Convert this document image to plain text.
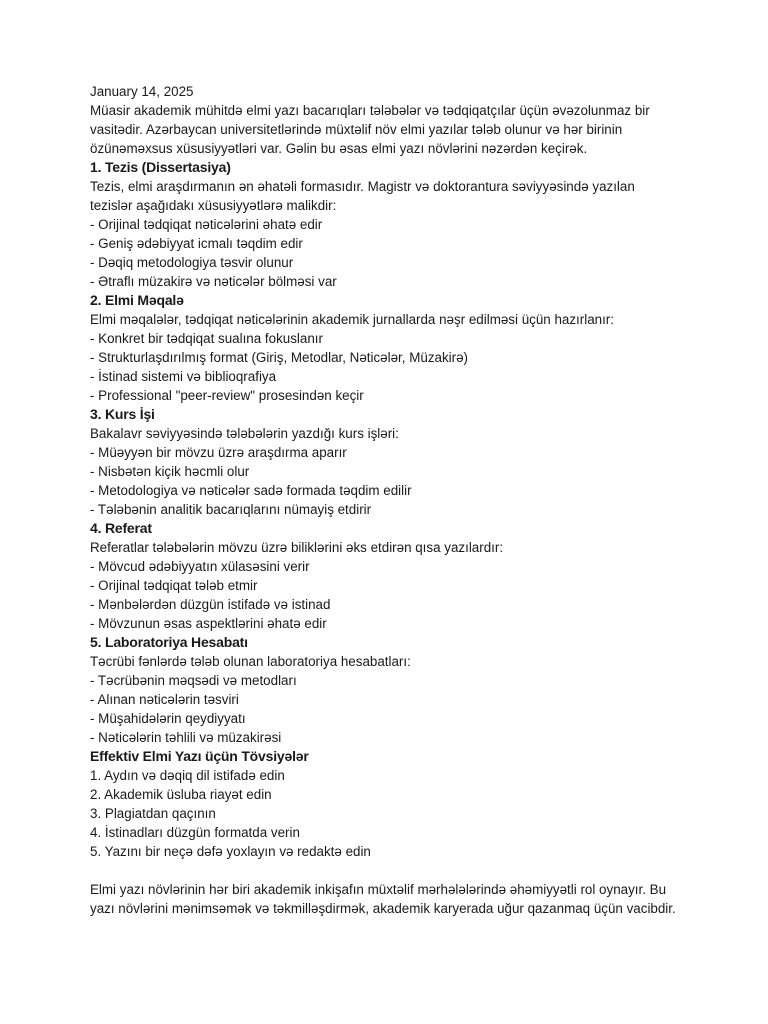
January 14, 2025

Müasir akademik mühitdə elmi yazı bacarıqları tələbələr və tədqiqatçılar üçün əvəzolunmaz bir vasitədir. Azərbaycan universitetlərində müxtəlif növ elmi yazılar tələb olunur və hər birinin özünəməxsus xüsusiyyətləri var. Gəlin bu əsas elmi yazı növlərini nəzərdən keçirək.

1. Tezis (Dissertasiya)

Tezis, elmi araşdırmanın ən əhatəli formasıdır. Magistr və doktorantura səviyyəsində yazılan tezislər aşağıdakı xüsusiyyətlərə malikdir:

- Orijinal tədqiqat nəticələrini əhatə edir
- Geniş ədəbiyyat icmalı təqdim edir
- Dəqiq metodologiya təsvir olunur
- Ətraflı müzakirə və nəticələr bölməsi var
2. Elmi Məqalə

Elmi məqalələr, tədqiqat nəticələrinin akademik jurnallarda nəşr edilməsi üçün hazırlanır:

- Konkret bir tədqiqat sualına fokuslanır
- Strukturlaşdırılmış format (Giriş, Metodlar, Nəticələr, Müzakirə)
- İstinad sistemi və biblioqrafiya
- Professional "peer-review" prosesindən keçir
3. Kurs İşi

Bakalavr səviyyəsində tələbələrin yazdığı kurs işləri:

- Müəyyən bir mövzu üzrə araşdırma aparır
- Nisbətən kiçik həcmli olur
- Metodologiya və nəticələr sadə formada təqdim edilir
- Tələbənin analitik bacarıqlarını nümayiş etdirir
4. Referat

Referatlar tələbələrin mövzu üzrə biliklərini əks etdirən qısa yazılardır:

- Mövcud ədəbiyyatın xülasəsini verir
- Orijinal tədqiqat tələb etmir
- Mənbələrdən düzgün istifadə və istinad
- Mövzunun əsas aspektlərini əhatə edir
5. Laboratoriya Hesabatı

Təcrübi fənlərdə tələb olunan laboratoriya hesabatları:

- Təcrübənin məqsədi və metodları
- Alınan nəticələrin təsviri
- Müşahidələrin qeydiyyatı
- Nəticələrin təhlili və müzakirəsi
Effektiv Elmi Yazı üçün Tövsiyələr
1. Aydın və dəqiq dil istifadə edin
2. Akademik üsluba riayət edin
3. Plagiatdan qaçının
4. İstinadları düzgün formatda verin
5. Yazını bir neçə dəfə yoxlayın və redaktə edin

Elmi yazı növlərinin hər biri akademik inkişafın müxtəlif mərhələlərində əhəmiyyətli rol oynayır. Bu yazı növlərini mənimsəmək və təkmilləşdirmək, akademik karyerada uğur qazanmaq üçün vacibdir.
